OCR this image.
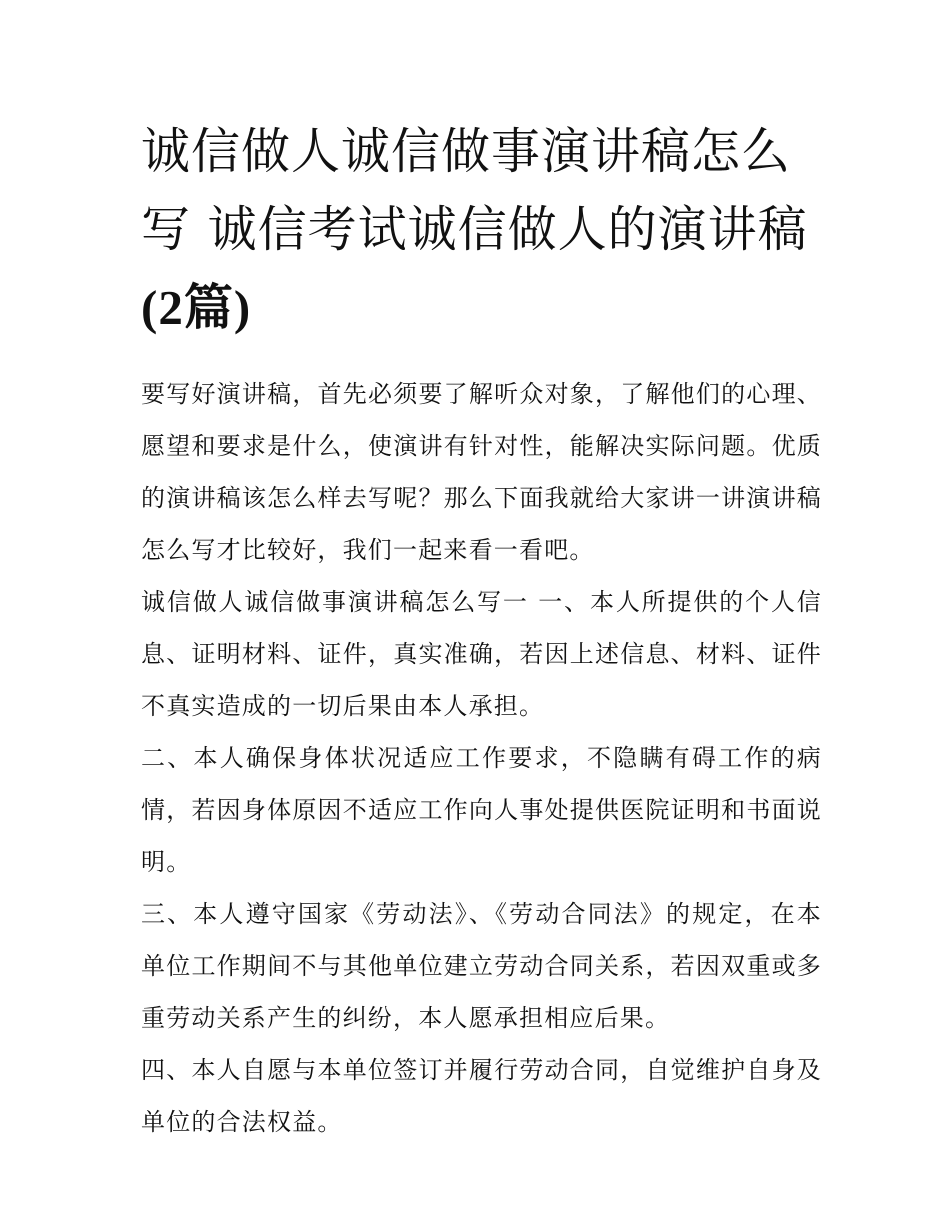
诚信做人诚信做事演讲稿怎么写 诚信考试诚信做人的演讲稿
(2篇)

要写好演讲稿，首先必须要了解听众对象，了解他们的心理、愿望和要求是什么，使演讲有针对性，能解决实际问题。优质的演讲稿该怎么样去写呢？那么下面我就给大家讲一讲演讲稿怎么写才比较好，我们一起来看一看吧。

诚信做人诚信做事演讲稿怎么写一 一、本人所提供的个人信息、证明材料、证件，真实准确，若因上述信息、材料、证件不真实造成的一切后果由本人承担。

二、本人确保身体状况适应工作要求，不隐瞒有碍工作的病情，若因身体原因不适应工作向人事处提供医院证明和书面说明。

三、本人遵守国家《劳动法》、《劳动合同法》的规定，在本单位工作期间不与其他单位建立劳动合同关系，若因双重或多重劳动关系产生的纠纷，本人愿承担相应后果。

四、本人自愿与本单位签订并履行劳动合同，自觉维护自身及单位的合法权益。
